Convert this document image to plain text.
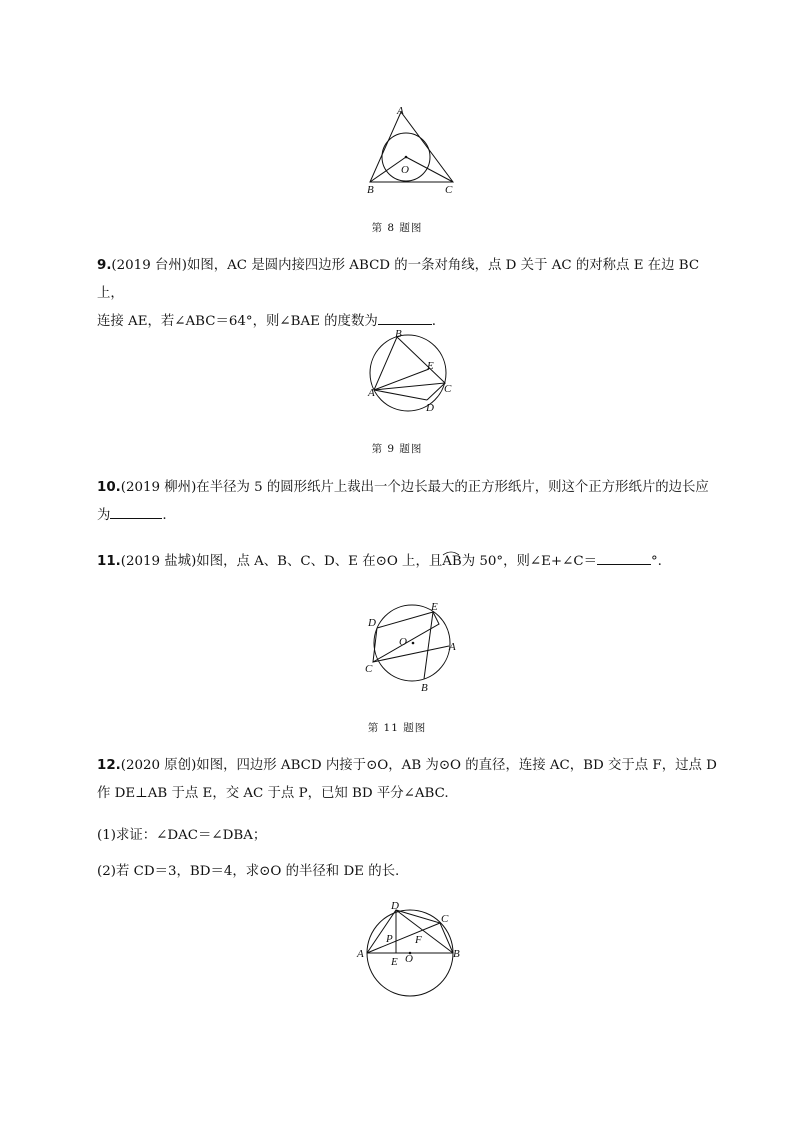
A
B	C
O
第 8 题图
9.(2019 台州)如图，AC 是圆内接四边形 ABCD 的一条对角线，点 D 关于 AC 的对称点 E 在边 BC 上，
连接 AE，若∠ABC＝64°，则∠BAE 的度数为	.
B
E
C
A
D
第 9 题图
10.(2019 柳州)在半径为 5 的圆形纸片上裁出一个边长最大的正方形纸片，则这个正方形纸片的边长应
为	.
11.(2019 盐城)如图，点 A、B、C、D、E 在⊙O 上，且
AB为 50°，则∠E+∠C＝	°.
D
E
O	A
C
B
第 11 题图
12.(2020 原创)如图，四边形 ABCD 内接于⊙O，AB 为⊙O 的直径，连接 AC，BD 交于点 F，过点 D
作 DE⊥AB 于点 E，交 AC 于点 P，已知 BD 平分∠ABC.
(1)求证：∠DAC＝∠DBA；
(2)若 CD＝3，BD＝4，求⊙O 的半径和 DE 的长.
D
C
P F
A	B
E O
